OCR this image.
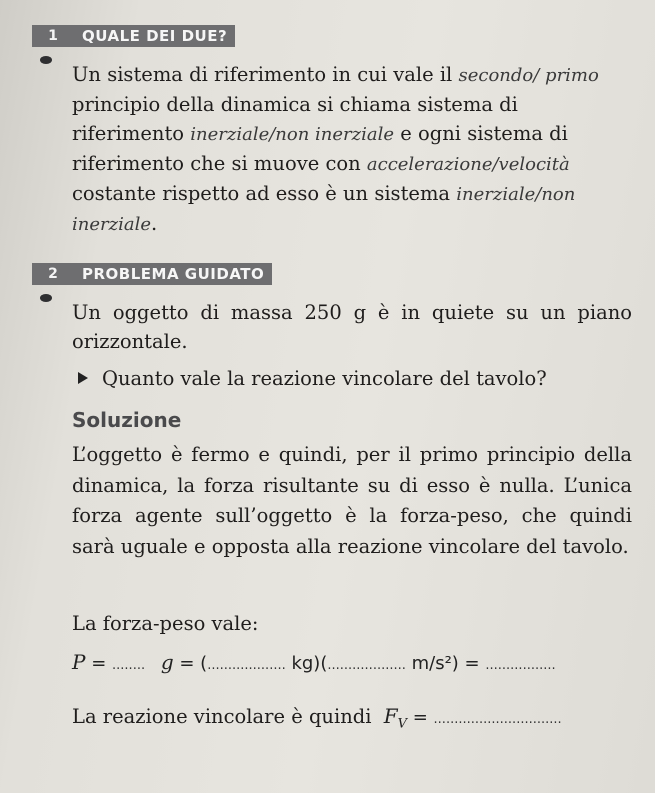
1	QUALE DEI DUE?

Un sistema di riferimento in cui vale il secondo/ primo principio della dinamica si chiama sistema di riferimento inerziale/non inerziale e ogni sistema di riferimento che si muove con accelerazione/velocità costante rispetto ad esso è un sistema inerziale/non inerziale.

2	PROBLEMA GUIDATO

Un oggetto di massa 250 g è in quiete su un piano orizzontale.

Quanto vale la reazione vincolare del tavolo?

Soluzione

L’oggetto è fermo e quindi, per il primo principio della dinamica, la forza risultante su di esso è nulla. L’unica forza agente sull’oggetto è la forza-peso, che quindi sarà uguale e opposta alla reazione vincolare del tavolo.

La forza-peso vale:

P = ........ g = (................... kg)(................... m/s²) = .................
La reazione vincolare è quindi $F_V$ = ...............................
